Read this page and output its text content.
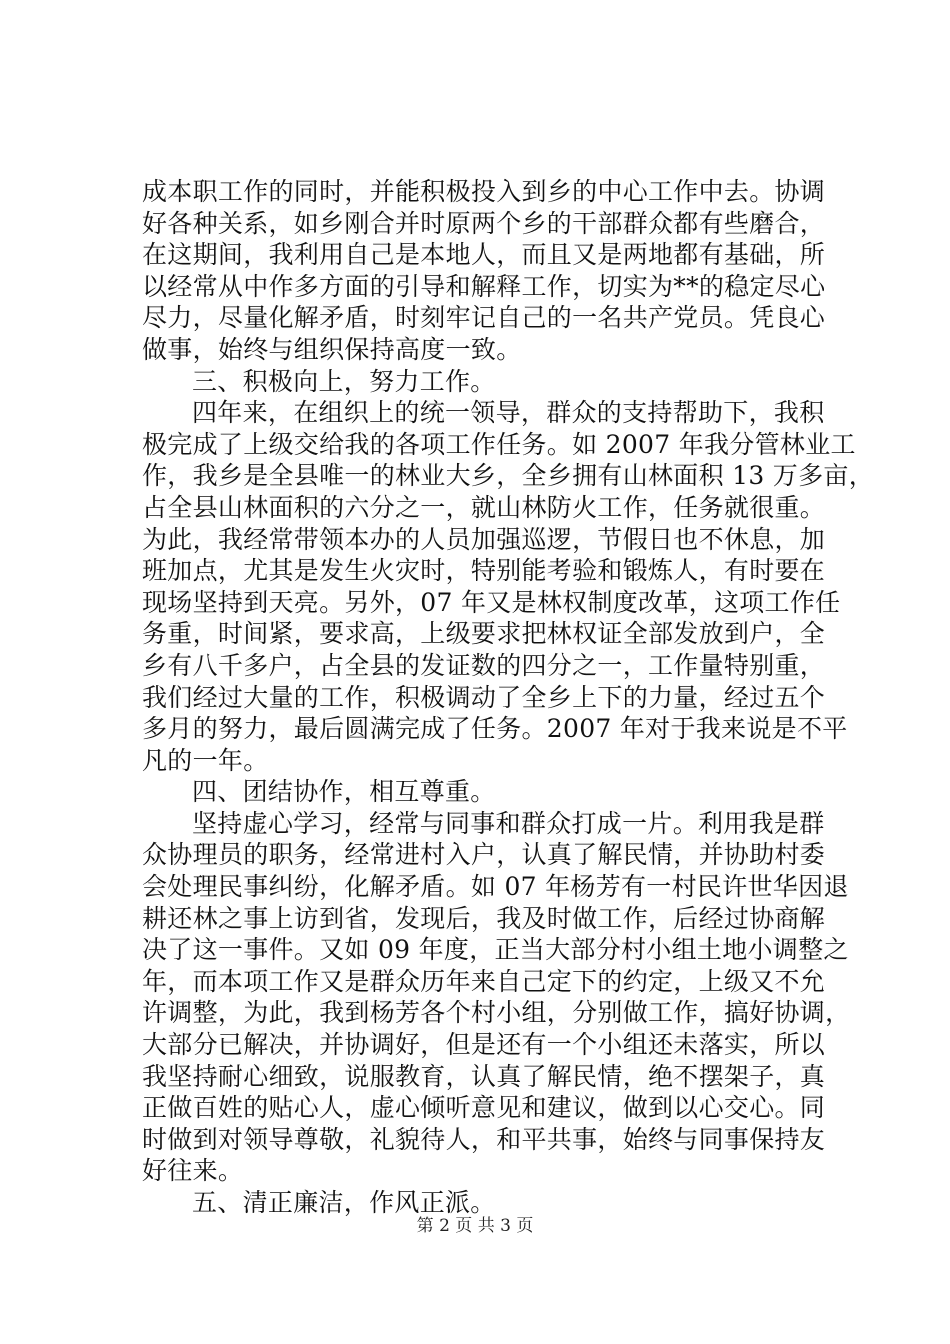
成本职工作的同时，并能积极投入到乡的中心工作中去。协调
好各种关系，如乡刚合并时原两个乡的干部群众都有些磨合，
在这期间，我利用自己是本地人，而且又是两地都有基础，所
以经常从中作多方面的引导和解释工作，切实为**的稳定尽心
尽力，尽量化解矛盾，时刻牢记自己的一名共产党员。凭良心
做事，始终与组织保持高度一致。
三、积极向上，努力工作。
四年来，在组织上的统一领导，群众的支持帮助下，我积
极完成了上级交给我的各项工作任务。如 2007 年我分管林业工
作，我乡是全县唯一的林业大乡，全乡拥有山林面积 13 万多亩，
占全县山林面积的六分之一，就山林防火工作，任务就很重。
为此，我经常带领本办的人员加强巡逻，节假日也不休息，加
班加点，尤其是发生火灾时，特别能考验和锻炼人，有时要在
现场坚持到天亮。另外，07 年又是林权制度改革，这项工作任
务重，时间紧，要求高，上级要求把林权证全部发放到户，全
乡有八千多户，占全县的发证数的四分之一，工作量特别重，
我们经过大量的工作，积极调动了全乡上下的力量，经过五个
多月的努力，最后圆满完成了任务。2007 年对于我来说是不平
凡的一年。
四、团结协作，相互尊重。
坚持虚心学习，经常与同事和群众打成一片。利用我是群
众协理员的职务，经常进村入户，认真了解民情，并协助村委
会处理民事纠纷，化解矛盾。如 07 年杨芳有一村民许世华因退
耕还林之事上访到省，发现后，我及时做工作，后经过协商解
决了这一事件。又如 09 年度，正当大部分村小组土地小调整之
年，而本项工作又是群众历年来自己定下的约定，上级又不允
许调整，为此，我到杨芳各个村小组，分别做工作，搞好协调，
大部分已解决，并协调好，但是还有一个小组还未落实，所以
我坚持耐心细致，说服教育，认真了解民情，绝不摆架子，真
正做百姓的贴心人，虚心倾听意见和建议，做到以心交心。同
时做到对领导尊敬，礼貌待人，和平共事，始终与同事保持友
好往来。
五、清正廉洁，作风正派。
第 2 页 共 3 页
